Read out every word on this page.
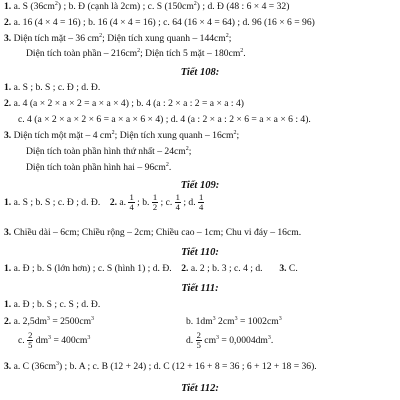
1. a. S $(36cm^2)$ ; b. Đ (cạnh là 2cm) ; c. S $(150cm^2)$ ; d. Đ (48 : 6 × 4 = 32)
2. a. 16 (4 × 4 = 16) ; b. 16 (4 × 4 = 16) ; c. 64 (16 × 4 = 64) ; d. 96 (16 × 6 = 96)
3. Diện tích mặt – 36 $cm^2$; Diện tích xung quanh – $144cm^2$;
Diện tích toàn phần – $216cm^2$; Diện tích 5 mặt – $180cm^2$.
Tiết 108:
1. a. S ; b. S ; c. Đ ; d. Đ.
2. a. 4 (a × 2 × a × 2 = a × a × 4) ; b. 4 (a : 2 × a : 2 = a × a : 4)
c. 4 (a × 2 × a × 2 × 6 = a × a × 6 × 4) ; d. 4 (a : 2 × a : 2 × 6 = a × a × 6 : 4).
3. Diện tích một mặt – 4 $cm^2$; Diện tích xung quanh – $16cm^2$;
Diện tích toàn phần hình thứ nhất – $24cm^2$;
Diện tích toàn phần hình hai – $96cm^2$.
Tiết 109:
1. a. S ; b. S ; c. Đ ; d. Đ.    2. a. $\frac{1}{4}$ ; b. $\frac{1}{2}$ ; c. $\frac{1}{4}$ ; d. $\frac{1}{4}$
3. Chiều dài – 6cm; Chiều rộng – 2cm; Chiều cao – 1cm; Chu vi đáy – 16cm.
Tiết 110:
1. a. Đ ; b. S (lớn hơn) ; c. S (hình 1) ; d. Đ.    2. a. 2 ; b. 3 ; c. 4 ; d.       3. C.
Tiết 111:
1. a. Đ ; b. S ; c. S ; d. Đ.
2. a. $2,5dm^3 = 2500cm^3$	b. $1dm^3$ $2cm^3 = 1002cm^3$
c. $\frac{2}{5} dm^3 = 400cm^3$	d. $\frac{2}{5} cm^3 = 0,0004dm^3$.
3. a. C $(36cm^3)$ ; b. A ; c. B (12 + 24) ; d. C (12 + 16 + 8 = 36 ; 6 + 12 + 18 = 36).
Tiết 112:
